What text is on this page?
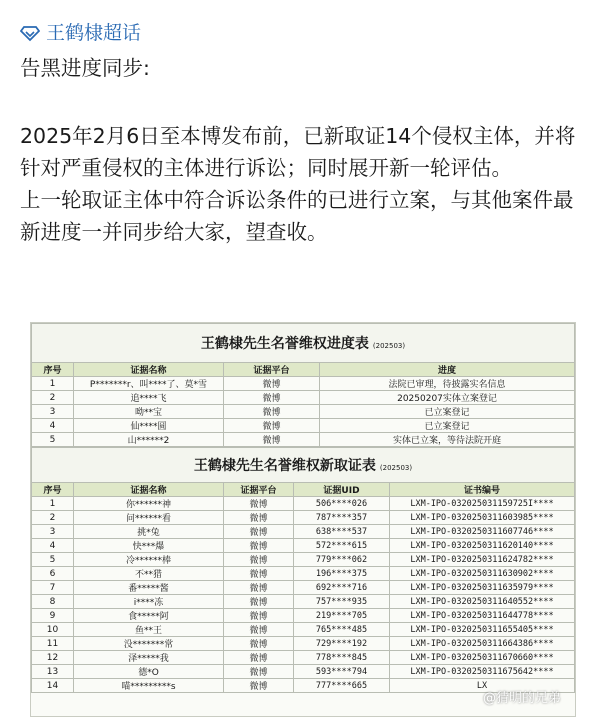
王鹤棣超话

告黑进度同步:

2025年2月6日至本博发布前，已新取证14个侵权主体，并将针对严重侵权的主体进行诉讼；同时展开新一轮评估。

上一轮取证主体中符合诉讼条件的已进行立案，与其他案件最新进度一并同步给大家，望查收。

王鹤棣先生名誉维权进度表 (202503)			
序号	证据名称	证据平台	进度
1	P*******r、叫****了、莫*雪	微博	法院已审理，待披露实名信息
2	追****飞	微博	20250207实体立案登记
3	呦**宝	微博	已立案登记
4	仙****圆	微博	已立案登记
5	山******2	微博	实体已立案，等待法院开庭
王鹤棣先生名誉维权新取证表 (202503)				
序号	证据名称	证据平台	证据UID	证书编号
1	你******神	微博	506****026	LXM-IPO-032025031159725I****
2	问******看	微博	787****357	LXM-IPO-0320250311603985****
3	挑*兔	微博	638****537	LXM-IPO-0320250311607746****
4	快***爆	微博	572****615	LXM-IPO-0320250311620140****
5	冷******棒	微博	779****062	LXM-IPO-0320250311624782****
6	不**猎	微博	196****375	LXM-IPO-0320250311630902****
7	番*****酱	微博	692****716	LXM-IPO-0320250311635979****
8	i****冻	微博	757****935	LXM-IPO-0320250311640552****
9	食*****阿	微博	219****705	LXM-IPO-0320250311644778****
10	鱼**王	微博	765****485	LXM-IPO-0320250311655405****
11	没*******常	微博	729****192	LXM-IPO-0320250311664386****
12	泽*****我	微博	778****845	LXM-IPO-0320250311670660****
13	德*O	微博	593****794	LXM-IPO-0320250311675642****
14	喵*********s	微博	777****665	LX
@猜明的兄弟
